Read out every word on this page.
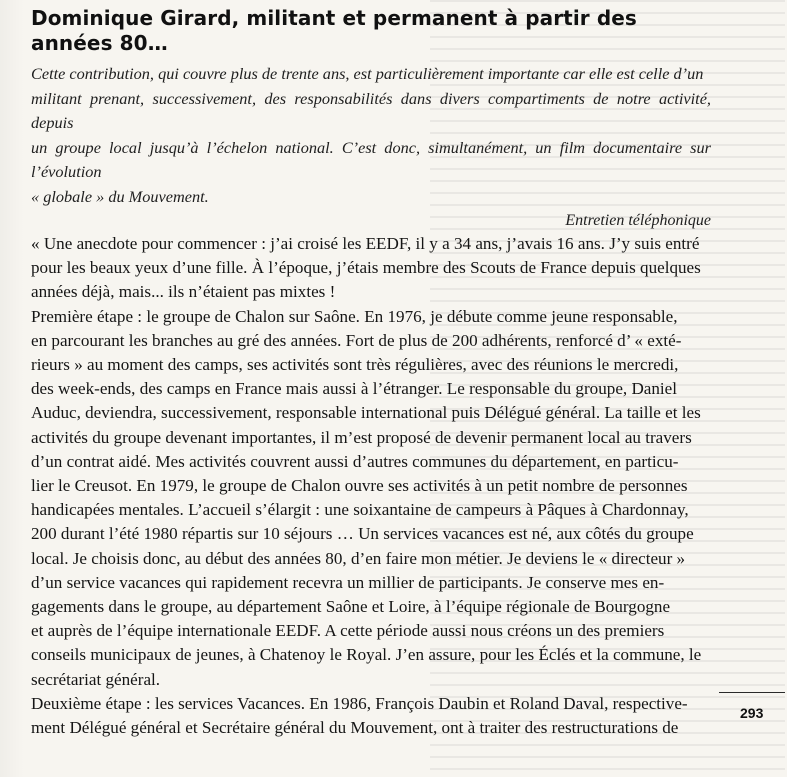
Dominique Girard, militant et permanent à partir des années 80…
Cette contribution, qui couvre plus de trente ans, est particulièrement importante car elle est celle d’un
militant prenant, successivement, des responsabilités dans divers compartiments de notre activité, depuis
un groupe local jusqu’à l’échelon national. C’est donc, simultanément, un film documentaire sur l’évolution
« globale » du Mouvement.
Entretien téléphonique

« Une anecdote pour commencer : j’ai croisé les EEDF, il y a 34 ans, j’avais 16 ans. J’y suis entré
pour les beaux yeux d’une fille. À l’époque, j’étais membre des Scouts de France depuis quelques
années déjà, mais... ils n’étaient pas mixtes !

Première étape : le groupe de Chalon sur Saône. En 1976, je débute comme jeune responsable,
en parcourant les branches au gré des années. Fort de plus de 200 adhérents, renforcé d’ « exté-
rieurs » au moment des camps, ses activités sont très régulières, avec des réunions le mercredi,
des week-ends, des camps en France mais aussi à l’étranger. Le responsable du groupe, Daniel
Auduc, deviendra, successivement, responsable international puis Délégué général. La taille et les
activités du groupe devenant importantes, il m’est proposé de devenir permanent local au travers
d’un contrat aidé. Mes activités couvrent aussi d’autres communes du département, en particu-
lier le Creusot. En 1979, le groupe de Chalon ouvre ses activités à un petit nombre de personnes
handicapées mentales. L’accueil s’élargit : une soixantaine de campeurs à Pâques à Chardonnay,
200 durant l’été 1980 répartis sur 10 séjours … Un services vacances est né, aux côtés du groupe
local. Je choisis donc, au début des années 80, d’en faire mon métier. Je deviens le « directeur »
d’un service vacances qui rapidement recevra un millier de participants. Je conserve mes en-
gagements dans le groupe, au département Saône et Loire, à l’équipe régionale de Bourgogne
et auprès de l’équipe internationale EEDF. A cette période aussi nous créons un des premiers
conseils municipaux de jeunes, à Chatenoy le Royal. J’en assure, pour les Éclés et la commune, le
secrétariat général.

Deuxième étape : les services Vacances. En 1986, François Daubin et Roland Daval, respective-
ment Délégué général et Secrétaire général du Mouvement, ont à traiter des restructurations de

293
